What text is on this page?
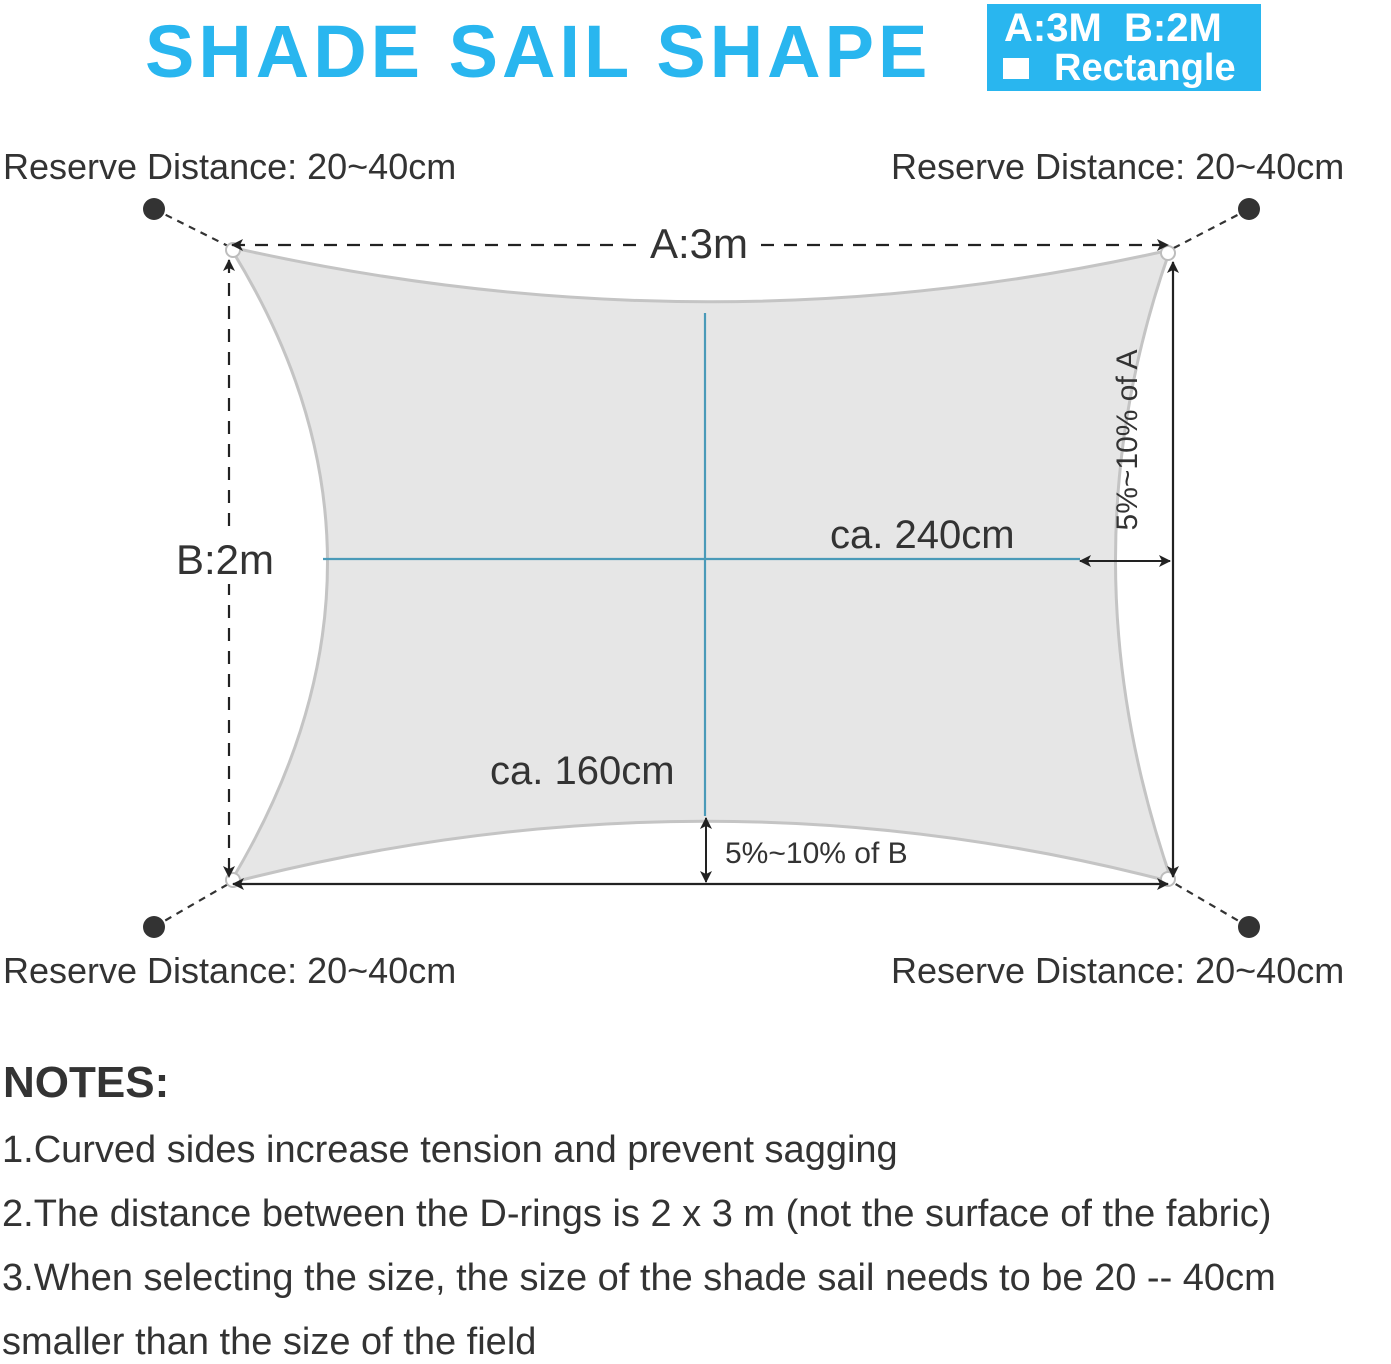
SHADE SAIL SHAPE A:3M  B:2M
Rectangle
Reserve Distance: 20~40cm	Reserve Distance: 20~40cm
Reserve Distance: 20~40cm	Reserve Distance: 20~40cm
A:3m
B:2m
ca. 240cm
ca. 160cm
5%~10% of A
5%~10% of B
NOTES:
1.Curved sides increase tension and prevent sagging
2.The distance between the D-rings is 2 x 3 m (not the surface of the fabric)
3.When selecting the size, the size of the shade sail needs to be 20 -- 40cm
smaller than the size of the field
